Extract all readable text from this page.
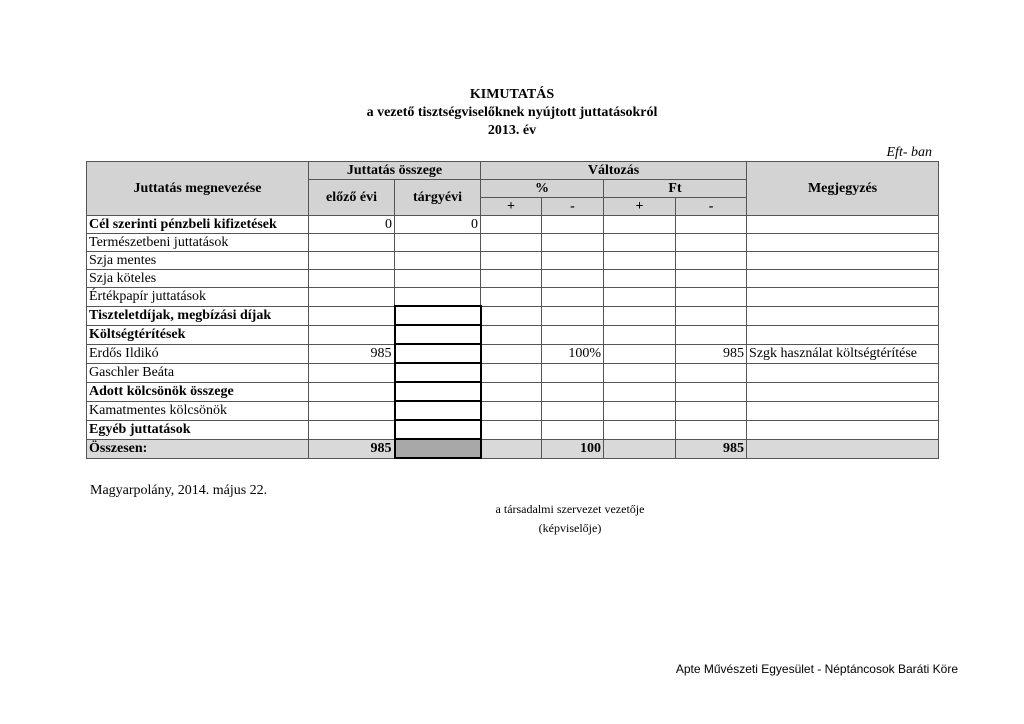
KIMUTATÁS
a vezető tisztségviselőknek nyújtott juttatásokról
2013. év
Eft- ban
Juttatás megnevezése	Juttatás összege		Változás				Megjegyzés
	előző évi	tárgyévi	%		Ft		
			+	-	+	-	
Cél szerinti pénzbeli kifizetések	0	0					
Természetbeni juttatások							
Szja mentes							
Szja köteles							
Értékpapír juttatások							
Tiszteletdíjak, megbízási díjak							
Költségtérítések							
Erdős Ildikó	985			100%		985	Szgk használat költségtérítése
Gaschler Beáta							
Adott kölcsönök összege							
Kamatmentes kölcsönök							
Egyéb juttatások							
Összesen:	985			100		985	
Magyarpolány, 2014. május 22.
a társadalmi szervezet vezetője
(képviselője)
Apte Művészeti Egyesület - Néptáncosok Baráti Köre
